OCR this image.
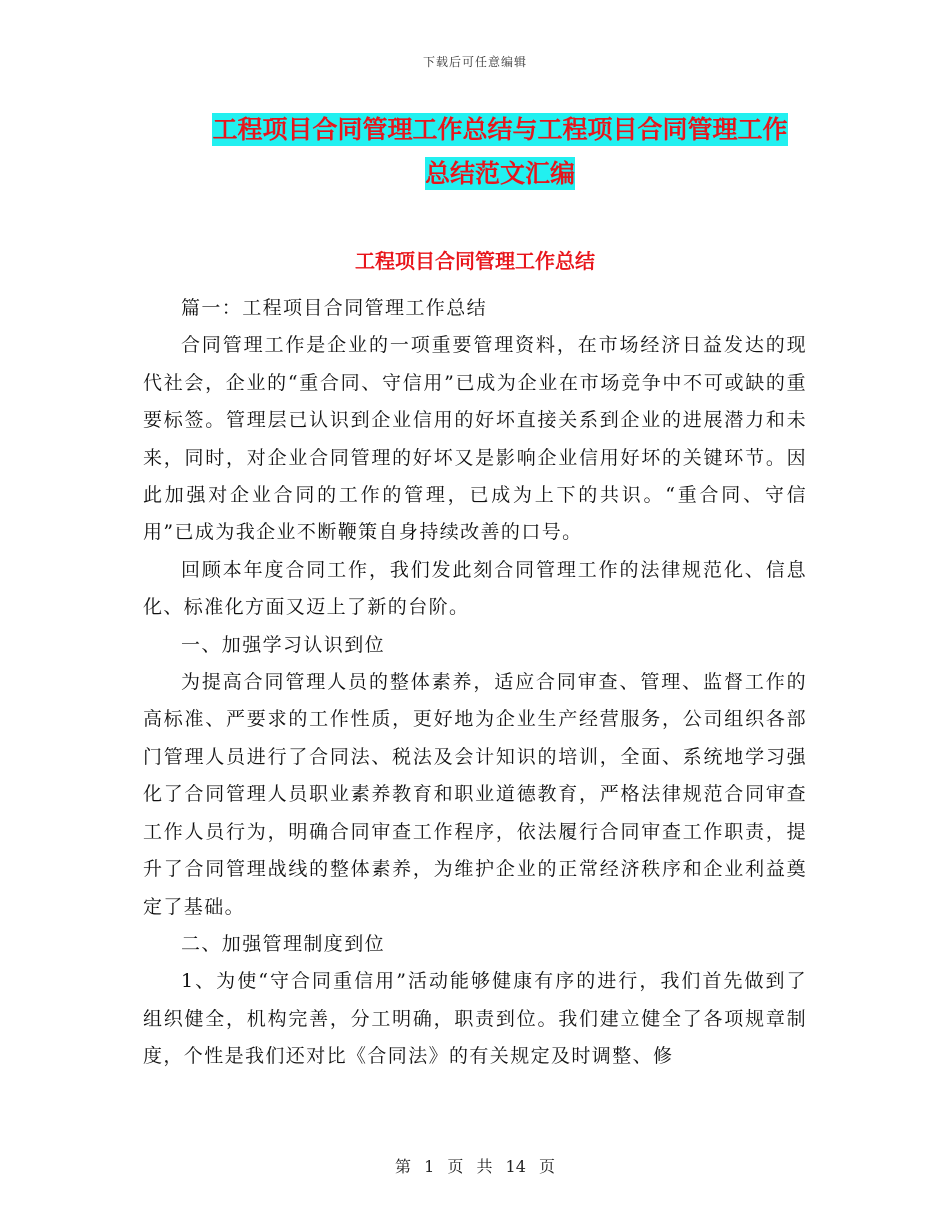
下载后可任意编辑
工程项目合同管理工作总结与工程项目合同管理工作
总结范文汇编
工程项目合同管理工作总结

篇一：工程项目合同管理工作总结

合同管理工作是企业的一项重要管理资料，在市场经济日益发达的现代社会，企业的“重合同、守信用”已成为企业在市场竞争中不可或缺的重要标签。管理层已认识到企业信用的好坏直接关系到企业的进展潜力和未来，同时，对企业合同管理的好坏又是影响企业信用好坏的关键环节。因此加强对企业合同的工作的管理，已成为上下的共识。“重合同、守信用”已成为我企业不断鞭策自身持续改善的口号。

回顾本年度合同工作，我们发此刻合同管理工作的法律规范化、信息化、标准化方面又迈上了新的台阶。

一、加强学习认识到位

为提高合同管理人员的整体素养，适应合同审查、管理、监督工作的高标准、严要求的工作性质，更好地为企业生产经营服务，公司组织各部门管理人员进行了合同法、税法及会计知识的培训，全面、系统地学习强化了合同管理人员职业素养教育和职业道德教育，严格法律规范合同审查工作人员行为，明确合同审查工作程序，依法履行合同审查工作职责，提升了合同管理战线的整体素养，为维护企业的正常经济秩序和企业利益奠定了基础。

二、加强管理制度到位

1、为使“守合同重信用”活动能够健康有序的进行，我们首先做到了组织健全，机构完善，分工明确，职责到位。我们建立健全了各项规章制度，个性是我们还对比《合同法》的有关规定及时调整、修

第 1 页 共 14 页
